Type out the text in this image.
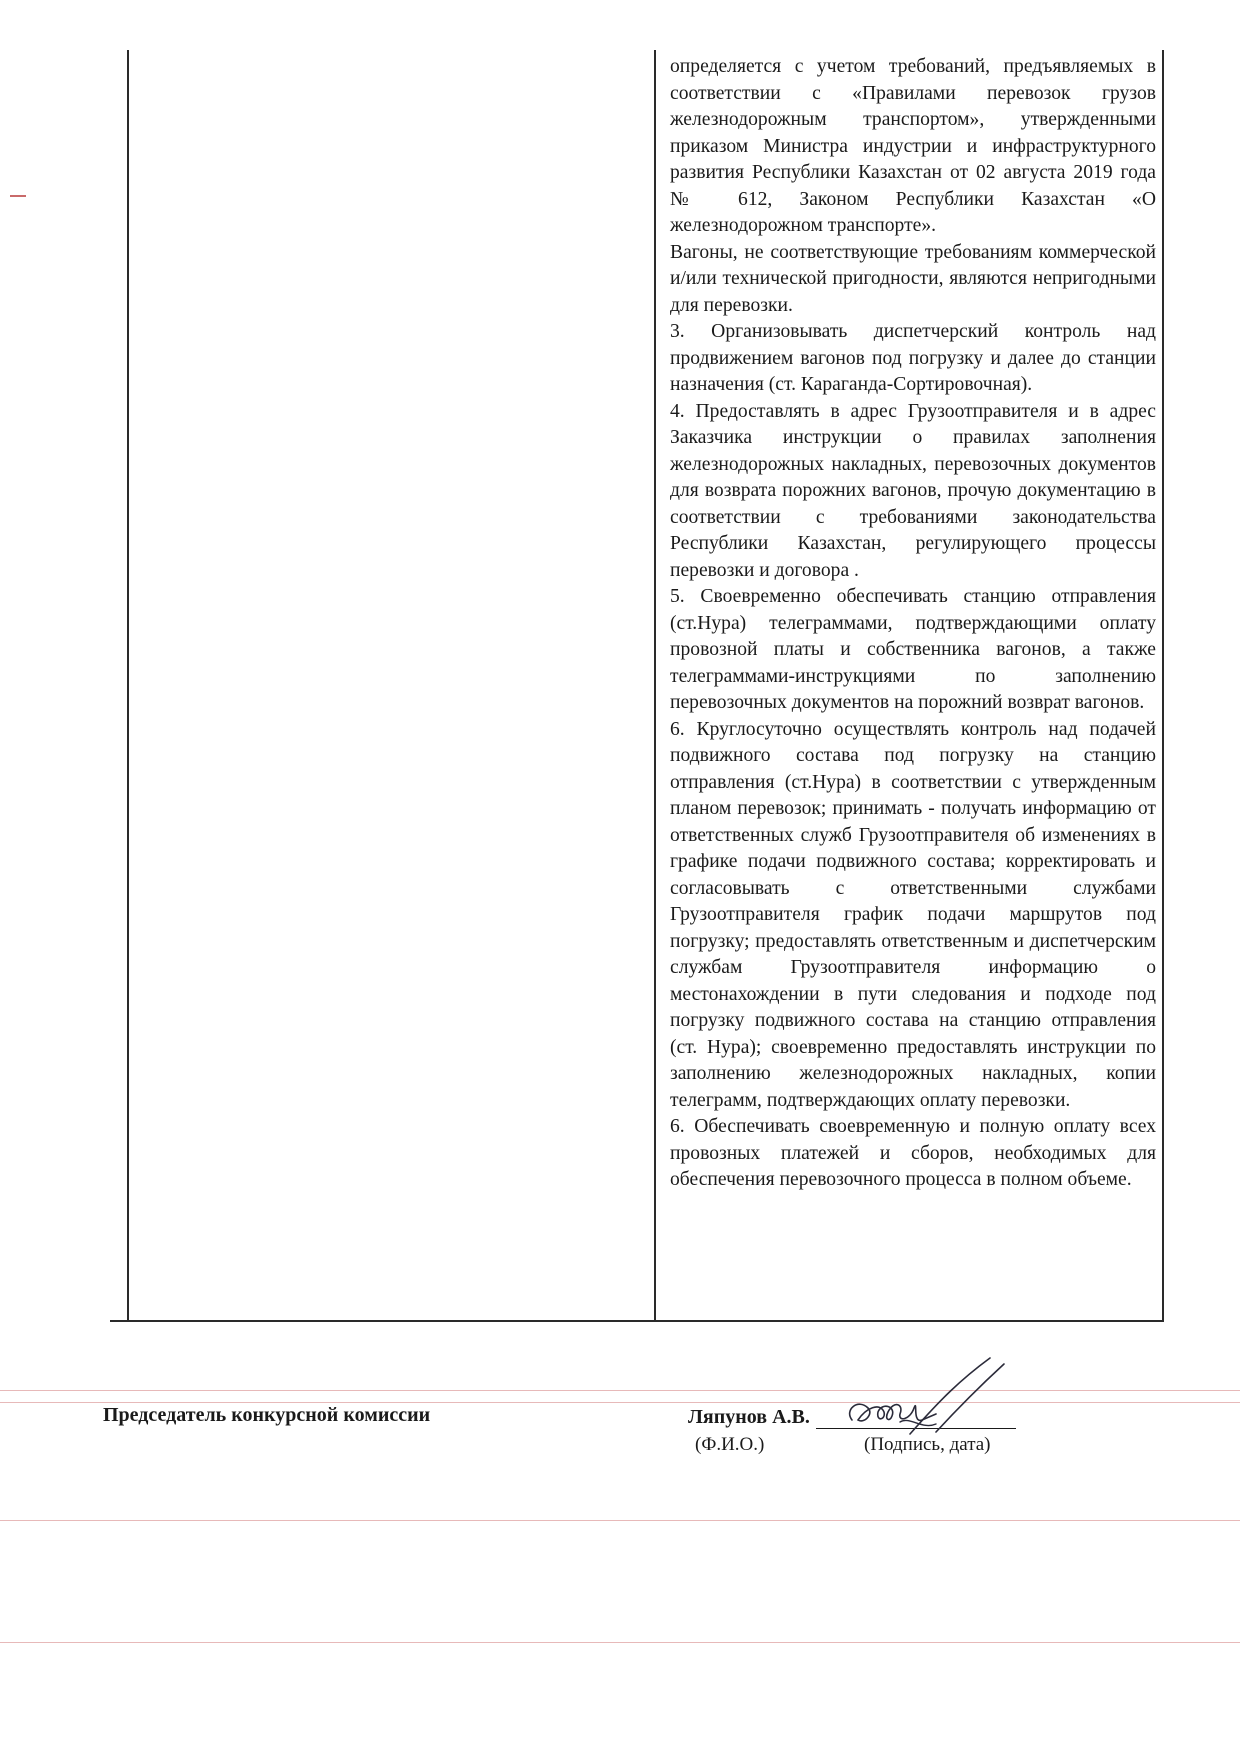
определяется с учетом требований, предъявляемых в соответствии с «Правилами перевозок грузов железнодорожным транспортом», утвержденными приказом Министра индустрии и инфраструктурного развития Республики Казахстан от 02 августа 2019 года № 612, Законом Республики Казахстан «О железнодорожном транспорте».

Вагоны, не соответствующие требованиям коммерческой и/или технической пригодности, являются непригодными для перевозки.

3. Организовывать диспетчерский контроль над продвижением вагонов под погрузку и далее до станции назначения (ст. Караганда-Сортировочная).

4. Предоставлять в адрес Грузоотправителя и в адрес Заказчика инструкции о правилах заполнения железнодорожных накладных, перевозочных документов для возврата порожних вагонов, прочую документацию в соответствии с требованиями законодательства Республики Казахстан, регулирующего процессы перевозки и договора .

5. Своевременно обеспечивать станцию отправления (ст.Нура) телеграммами, подтверждающими оплату провозной платы и собственника вагонов, а также телеграммами-инструкциями по заполнению перевозочных документов на порожний возврат вагонов.

6. Круглосуточно осуществлять контроль над подачей подвижного состава под погрузку на станцию отправления (ст.Нура) в соответствии с утвержденным планом перевозок; принимать - получать информацию от ответственных служб Грузоотправителя об изменениях в графике подачи подвижного состава; корректировать и согласовывать с ответственными службами Грузоотправителя график подачи маршрутов под погрузку; предоставлять ответственным и диспетчерским службам Грузоотправителя информацию о местонахождении в пути следования и подходе под погрузку подвижного состава на станцию отправления (ст. Нура); своевременно предоставлять инструкции по заполнению железнодорожных накладных, копии телеграмм, подтверждающих оплату перевозки.

6. Обеспечивать своевременную и полную оплату всех провозных платежей и сборов, необходимых для обеспечения перевозочного процесса в полном объеме.

Председатель конкурсной комиссии	Ляпунов А.В.
(Ф.И.О.)	(Подпись, дата)
